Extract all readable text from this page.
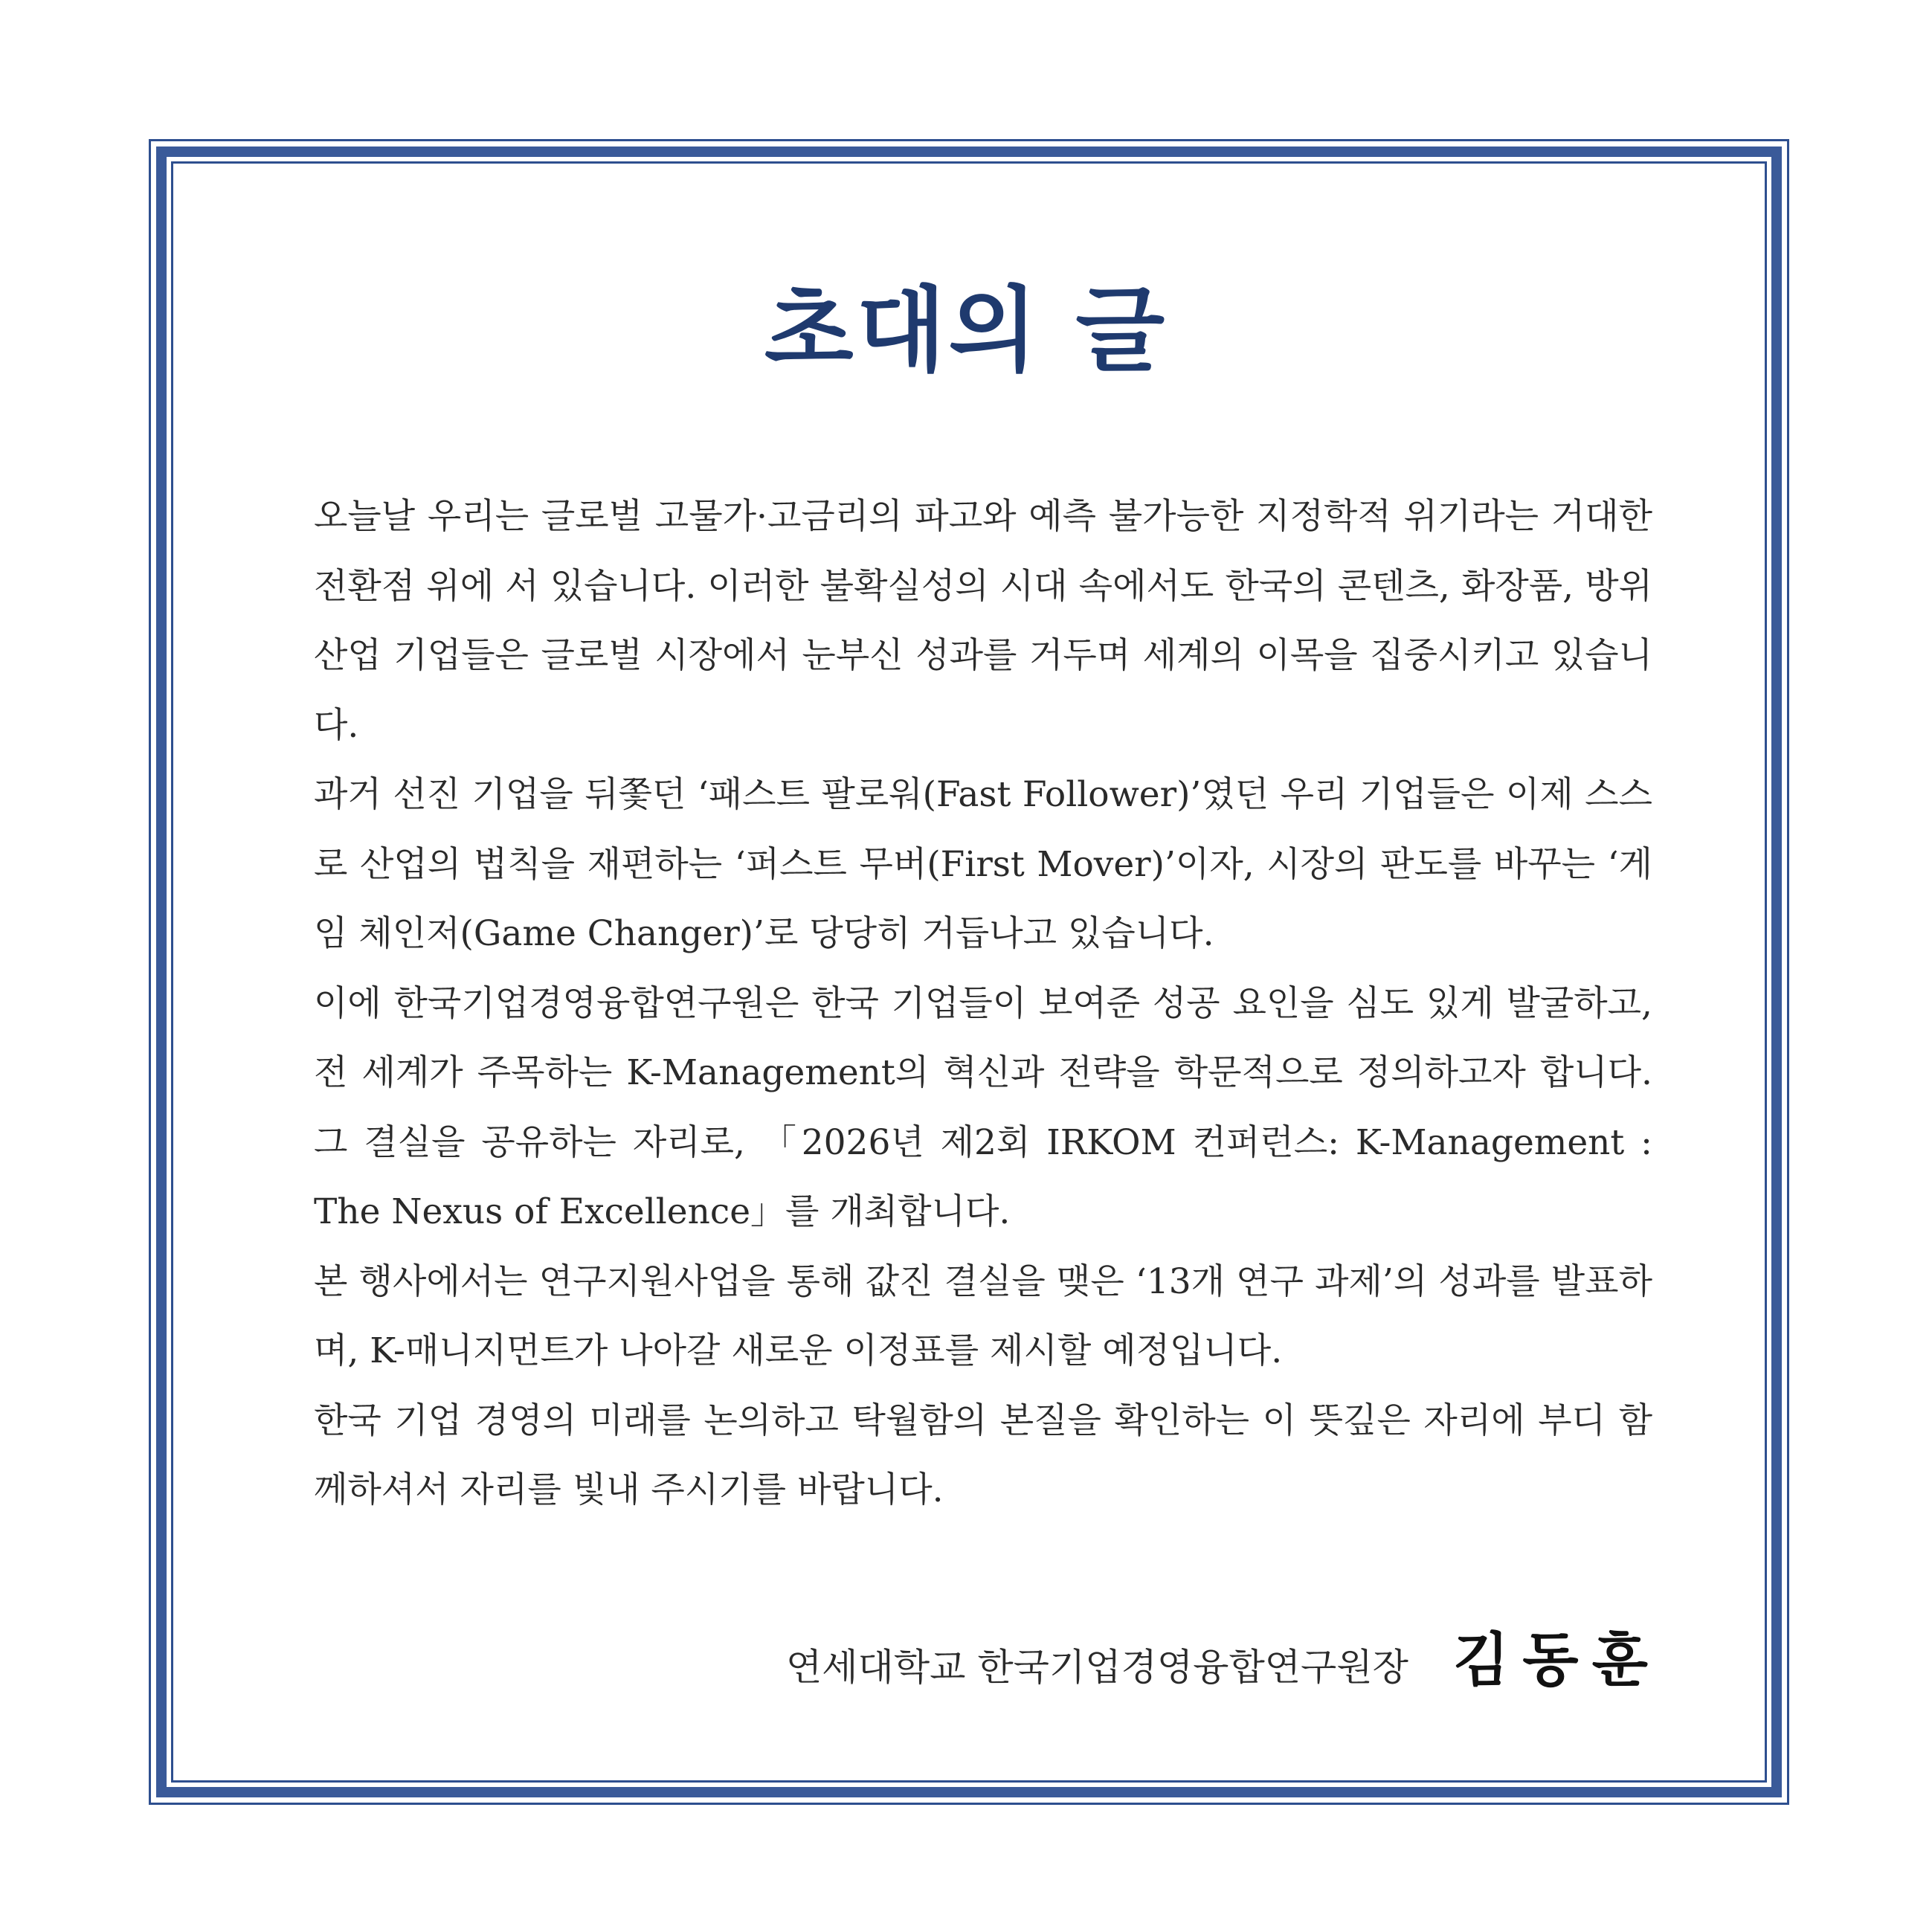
초대의 글

오늘날 우리는 글로벌 고물가·고금리의 파고와 예측 불가능한 지정학적 위기라는 거대한 전환점 위에 서 있습니다. 이러한 불확실성의 시대 속에서도 한국의 콘텐츠, 화장품, 방위산업 기업들은 글로벌 시장에서 눈부신 성과를 거두며 세계의 이목을 집중시키고 있습니다.

과거 선진 기업을 뒤쫓던 ‘패스트 팔로워(Fast Follower)’였던 우리 기업들은 이제 스스로 산업의 법칙을 재편하는 ‘퍼스트 무버(First Mover)’이자, 시장의 판도를 바꾸는 ‘게임 체인저(Game Changer)’로 당당히 거듭나고 있습니다.

이에 한국기업경영융합연구원은 한국 기업들이 보여준 성공 요인을 심도 있게 발굴하고, 전 세계가 주목하는 K-Management의 혁신과 전략을 학문적으로 정의하고자 합니다. 그 결실을 공유하는 자리로, 「2026년 제2회 IRKOM 컨퍼런스: K-Management : The Nexus of Excellence」를 개최합니다.

본 행사에서는 연구지원사업을 통해 값진 결실을 맺은 ‘13개 연구 과제’의 성과를 발표하며, K-매니지먼트가 나아갈 새로운 이정표를 제시할 예정입니다.

한국 기업 경영의 미래를 논의하고 탁월함의 본질을 확인하는 이 뜻깊은 자리에 부디 함께하셔서 자리를 빛내 주시기를 바랍니다.

연세대학교 한국기업경영융합연구원장 김동훈
